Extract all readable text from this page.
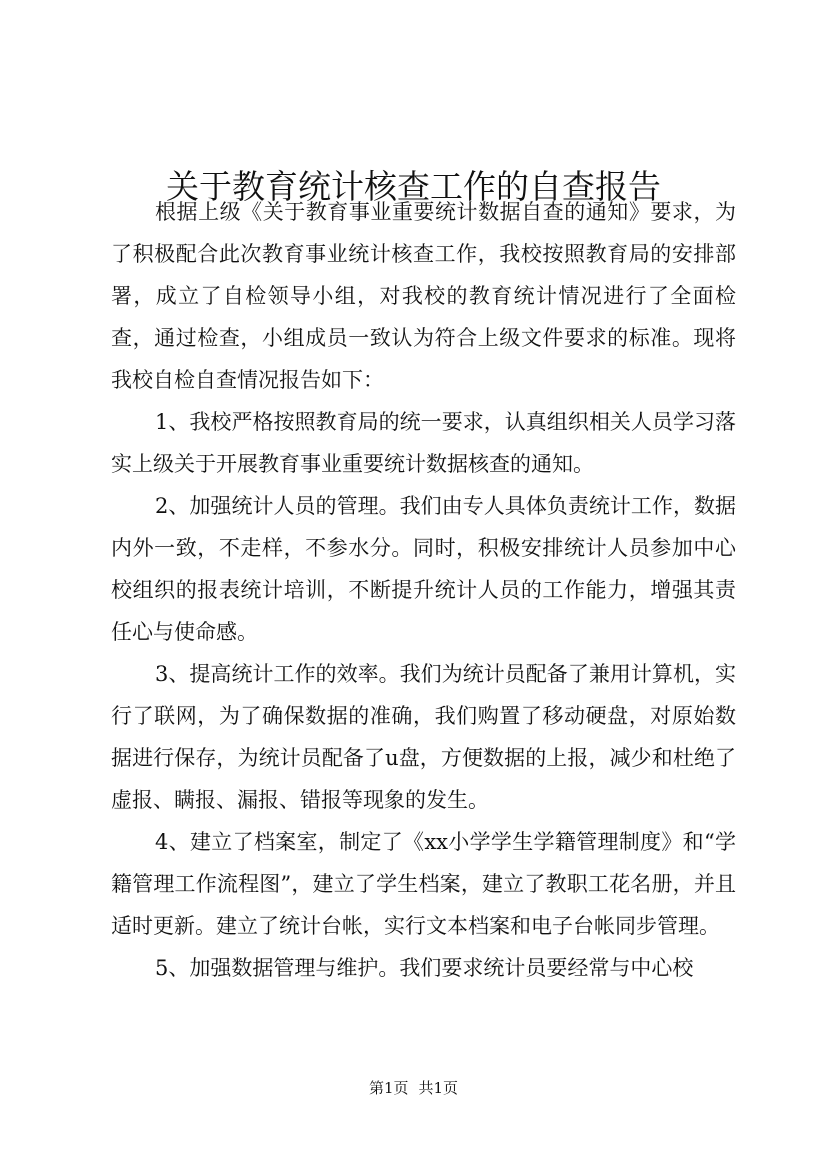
关于教育统计核查工作的自查报告

根据上级《关于教育事业重要统计数据自查的通知》要求，为了积极配合此次教育事业统计核查工作，我校按照教育局的安排部署，成立了自检领导小组，对我校的教育统计情况进行了全面检查，通过检查，小组成员一致认为符合上级文件要求的标准。现将我校自检自查情况报告如下：

1、我校严格按照教育局的统一要求，认真组织相关人员学习落实上级关于开展教育事业重要统计数据核查的通知。

2、加强统计人员的管理。我们由专人具体负责统计工作，数据内外一致，不走样，不参水分。同时，积极安排统计人员参加中心校组织的报表统计培训，不断提升统计人员的工作能力，增强其责任心与使命感。

3、提高统计工作的效率。我们为统计员配备了兼用计算机，实行了联网，为了确保数据的准确，我们购置了移动硬盘，对原始数据进行保存，为统计员配备了u盘，方便数据的上报，减少和杜绝了虚报、瞒报、漏报、错报等现象的发生。

4、建立了档案室，制定了《xx小学学生学籍管理制度》和“学籍管理工作流程图”，建立了学生档案，建立了教职工花名册，并且适时更新。建立了统计台帐，实行文本档案和电子台帐同步管理。

5、加强数据管理与维护。我们要求统计员要经常与中心校

第1页 共1页
